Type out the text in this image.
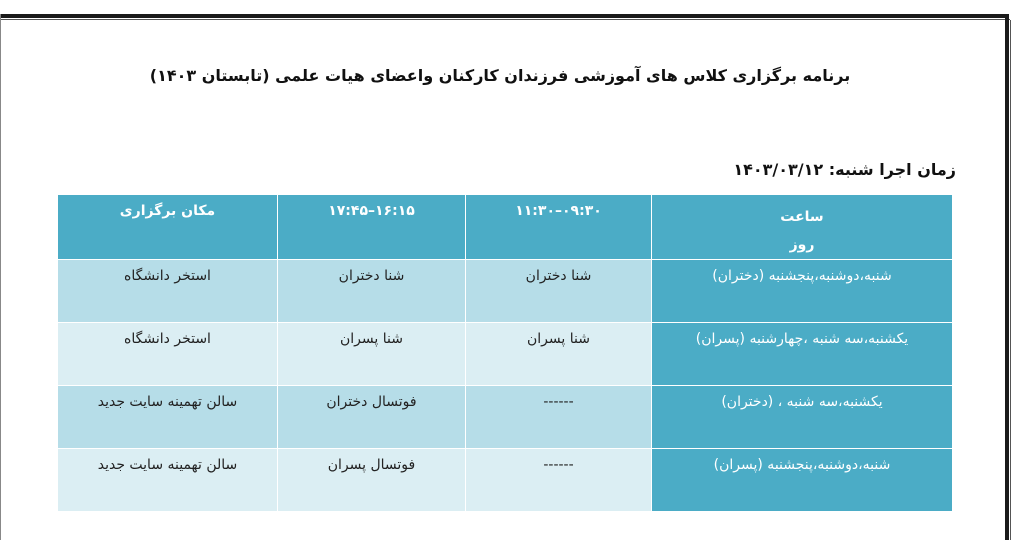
برنامه برگزاری کلاس های آموزشی فرزندان کارکنان واعضای هیات علمی (تابستان ۱۴۰۳)
زمان اجرا شنبه: ۱۴۰۳/۰۳/۱۲
ساعت
روز	۰۹:۳۰–۱۱:۳۰	۱۶:۱۵–۱۷:۴۵	مکان برگزاری
شنبه،دوشنبه،پنجشنبه (دختران)	شنا دختران	شنا دختران	استخر دانشگاه
یکشنبه،سه شنبه ،چهارشنبه (پسران)	شنا پسران	شنا پسران	استخر دانشگاه
یکشنبه،سه شنبه ، (دختران)	------	فوتسال دختران	سالن تهمینه سایت جدید
شنبه،دوشنبه،پنجشنبه (پسران)	------	فوتسال پسران	سالن تهمینه سایت جدید
